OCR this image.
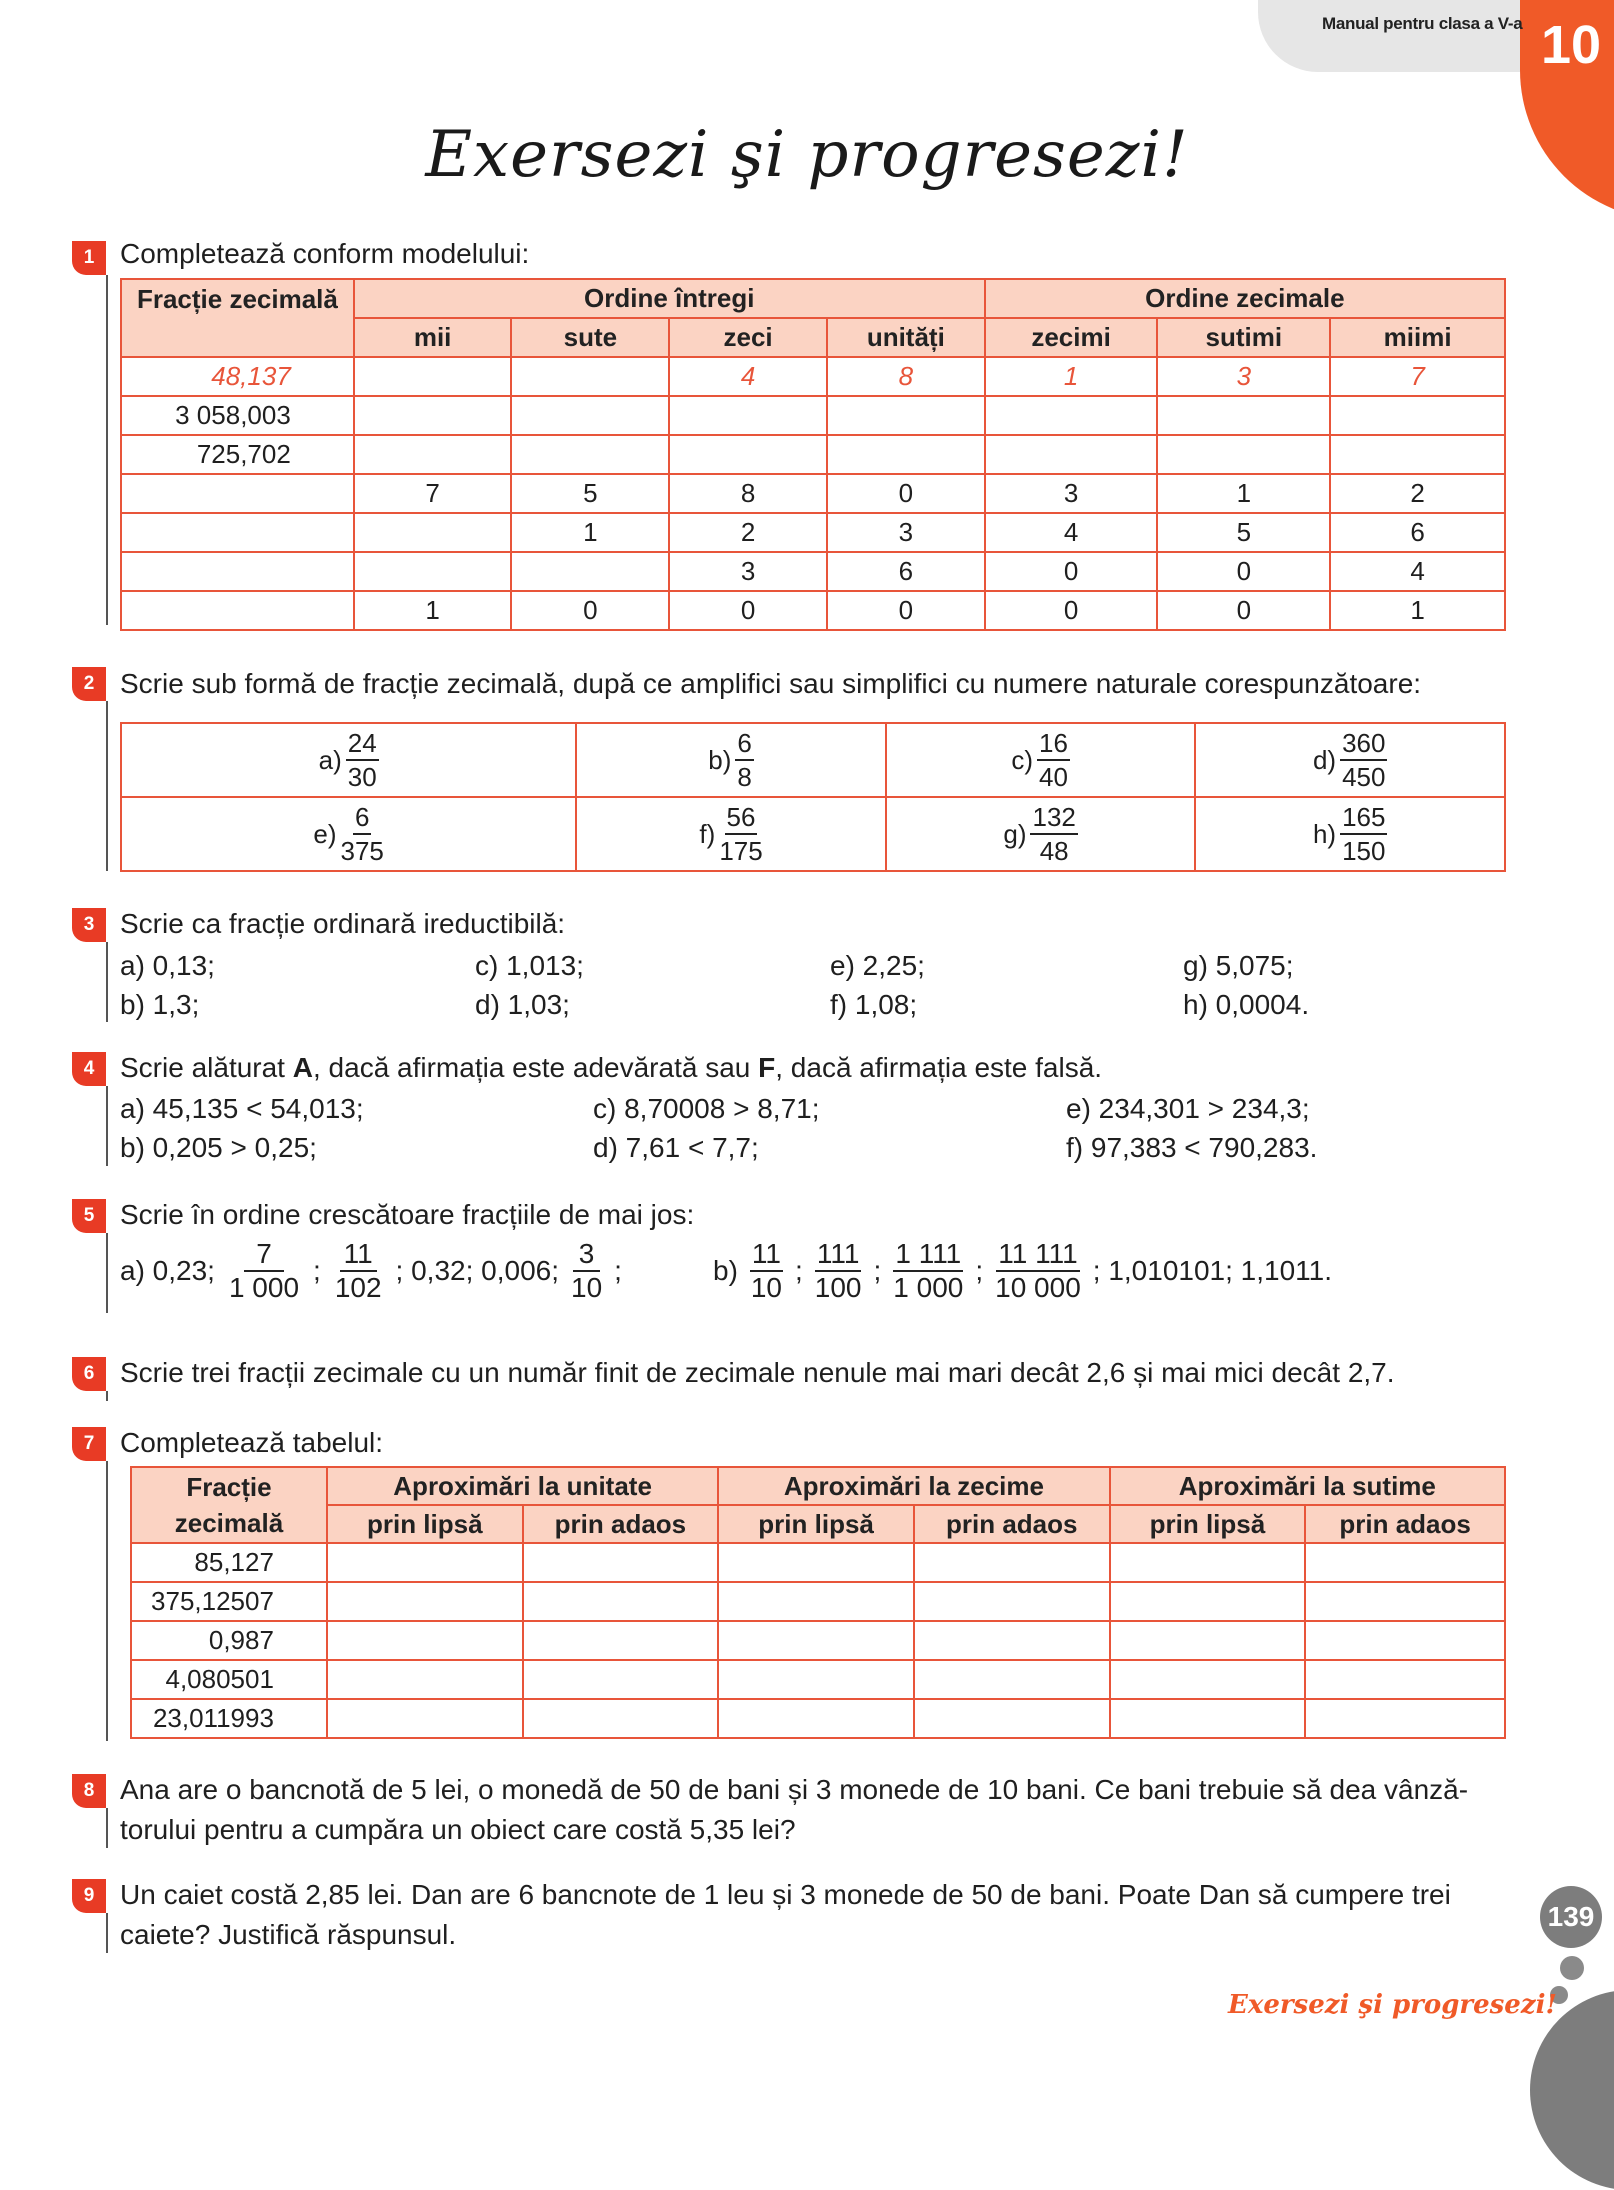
Manual pentru clasa a V-a 10
Exersezi şi progresezi!
1 Completează conform modelului:
Fracție zecimală	Ordine întregi				Ordine zecimale		
	mii	sute	zeci	unități	zecimi	sutimi	miimi
48,137			4	8	1	3	7
3 058,003							
725,702							
	7	5	8	0	3	1	2
		1	2	3	4	5	6
			3	6	0	0	4
	1	0	0	0	0	0	1
2 Scrie sub formă de fracție zecimală, după ce amplifici sau simplifici cu numere naturale corespunzătoare:
$a) \frac{24}{30}$	$b) \frac{6}{8}$	$c) \frac{16}{40}$	$d) \frac{360}{450}$

$e) \frac{6}{375}$	$f) \frac{56}{175}$	$g) \frac{132}{48}$	$h) \frac{165}{150}$
3 Scrie ca fracție ordinară ireductibilă:
a) 0,13;	c) 1,013;	e) 2,25;	g) 5,075;
b) 1,3;	d) 1,03;	f) 1,08;	h) 0,0004.
4 Scrie alăturat A, dacă afirmația este adevărată sau F, dacă afirmația este falsă.
a) 45,135 < 54,013;	c) 8,70008 > 8,71;	e) 234,301 > 234,3;
b) 0,205 > 0,25;	d) 7,61 < 7,7;	f) 97,383 < 790,283.
5 Scrie în ordine crescătoare fracțiile de mai jos:
a) 0,23; $\frac{7}{1 000}$ ; $\frac{11}{102}$ ; 0,32; 0,006; $\frac{3}{10}$ ;	$b) \frac{11}{10}$ ; $\frac{111}{100}$ ; $\frac{1 111}{1 000}$ ; $\frac{11 111}{10 000}$ ; 1,010101; 1,1011.
6 Scrie trei fracții zecimale cu un număr finit de zecimale nenule mai mari decât 2,6 și mai mici decât 2,7.
7 Completează tabelul:
Fracție
zecimală	Aproximări la unitate		Aproximări la zecime		Aproximări la sutime	
	prin lipsă	prin adaos	prin lipsă	prin adaos	prin lipsă	prin adaos
85,127						
375,12507						
0,987						
4,080501						
23,011993						
8 Ana are o bancnotă de 5 lei, o monedă de 50 de bani și 3 monede de 10 bani. Ce bani trebuie să dea vânză-
torului pentru a cumpăra un obiect care costă 5,35 lei?
9 Un caiet costă 2,85 lei. Dan are 6 bancnote de 1 leu și 3 monede de 50 de bani. Poate Dan să cumpere trei
caiete? Justifică răspunsul.
139
Exersezi şi progresezi!
